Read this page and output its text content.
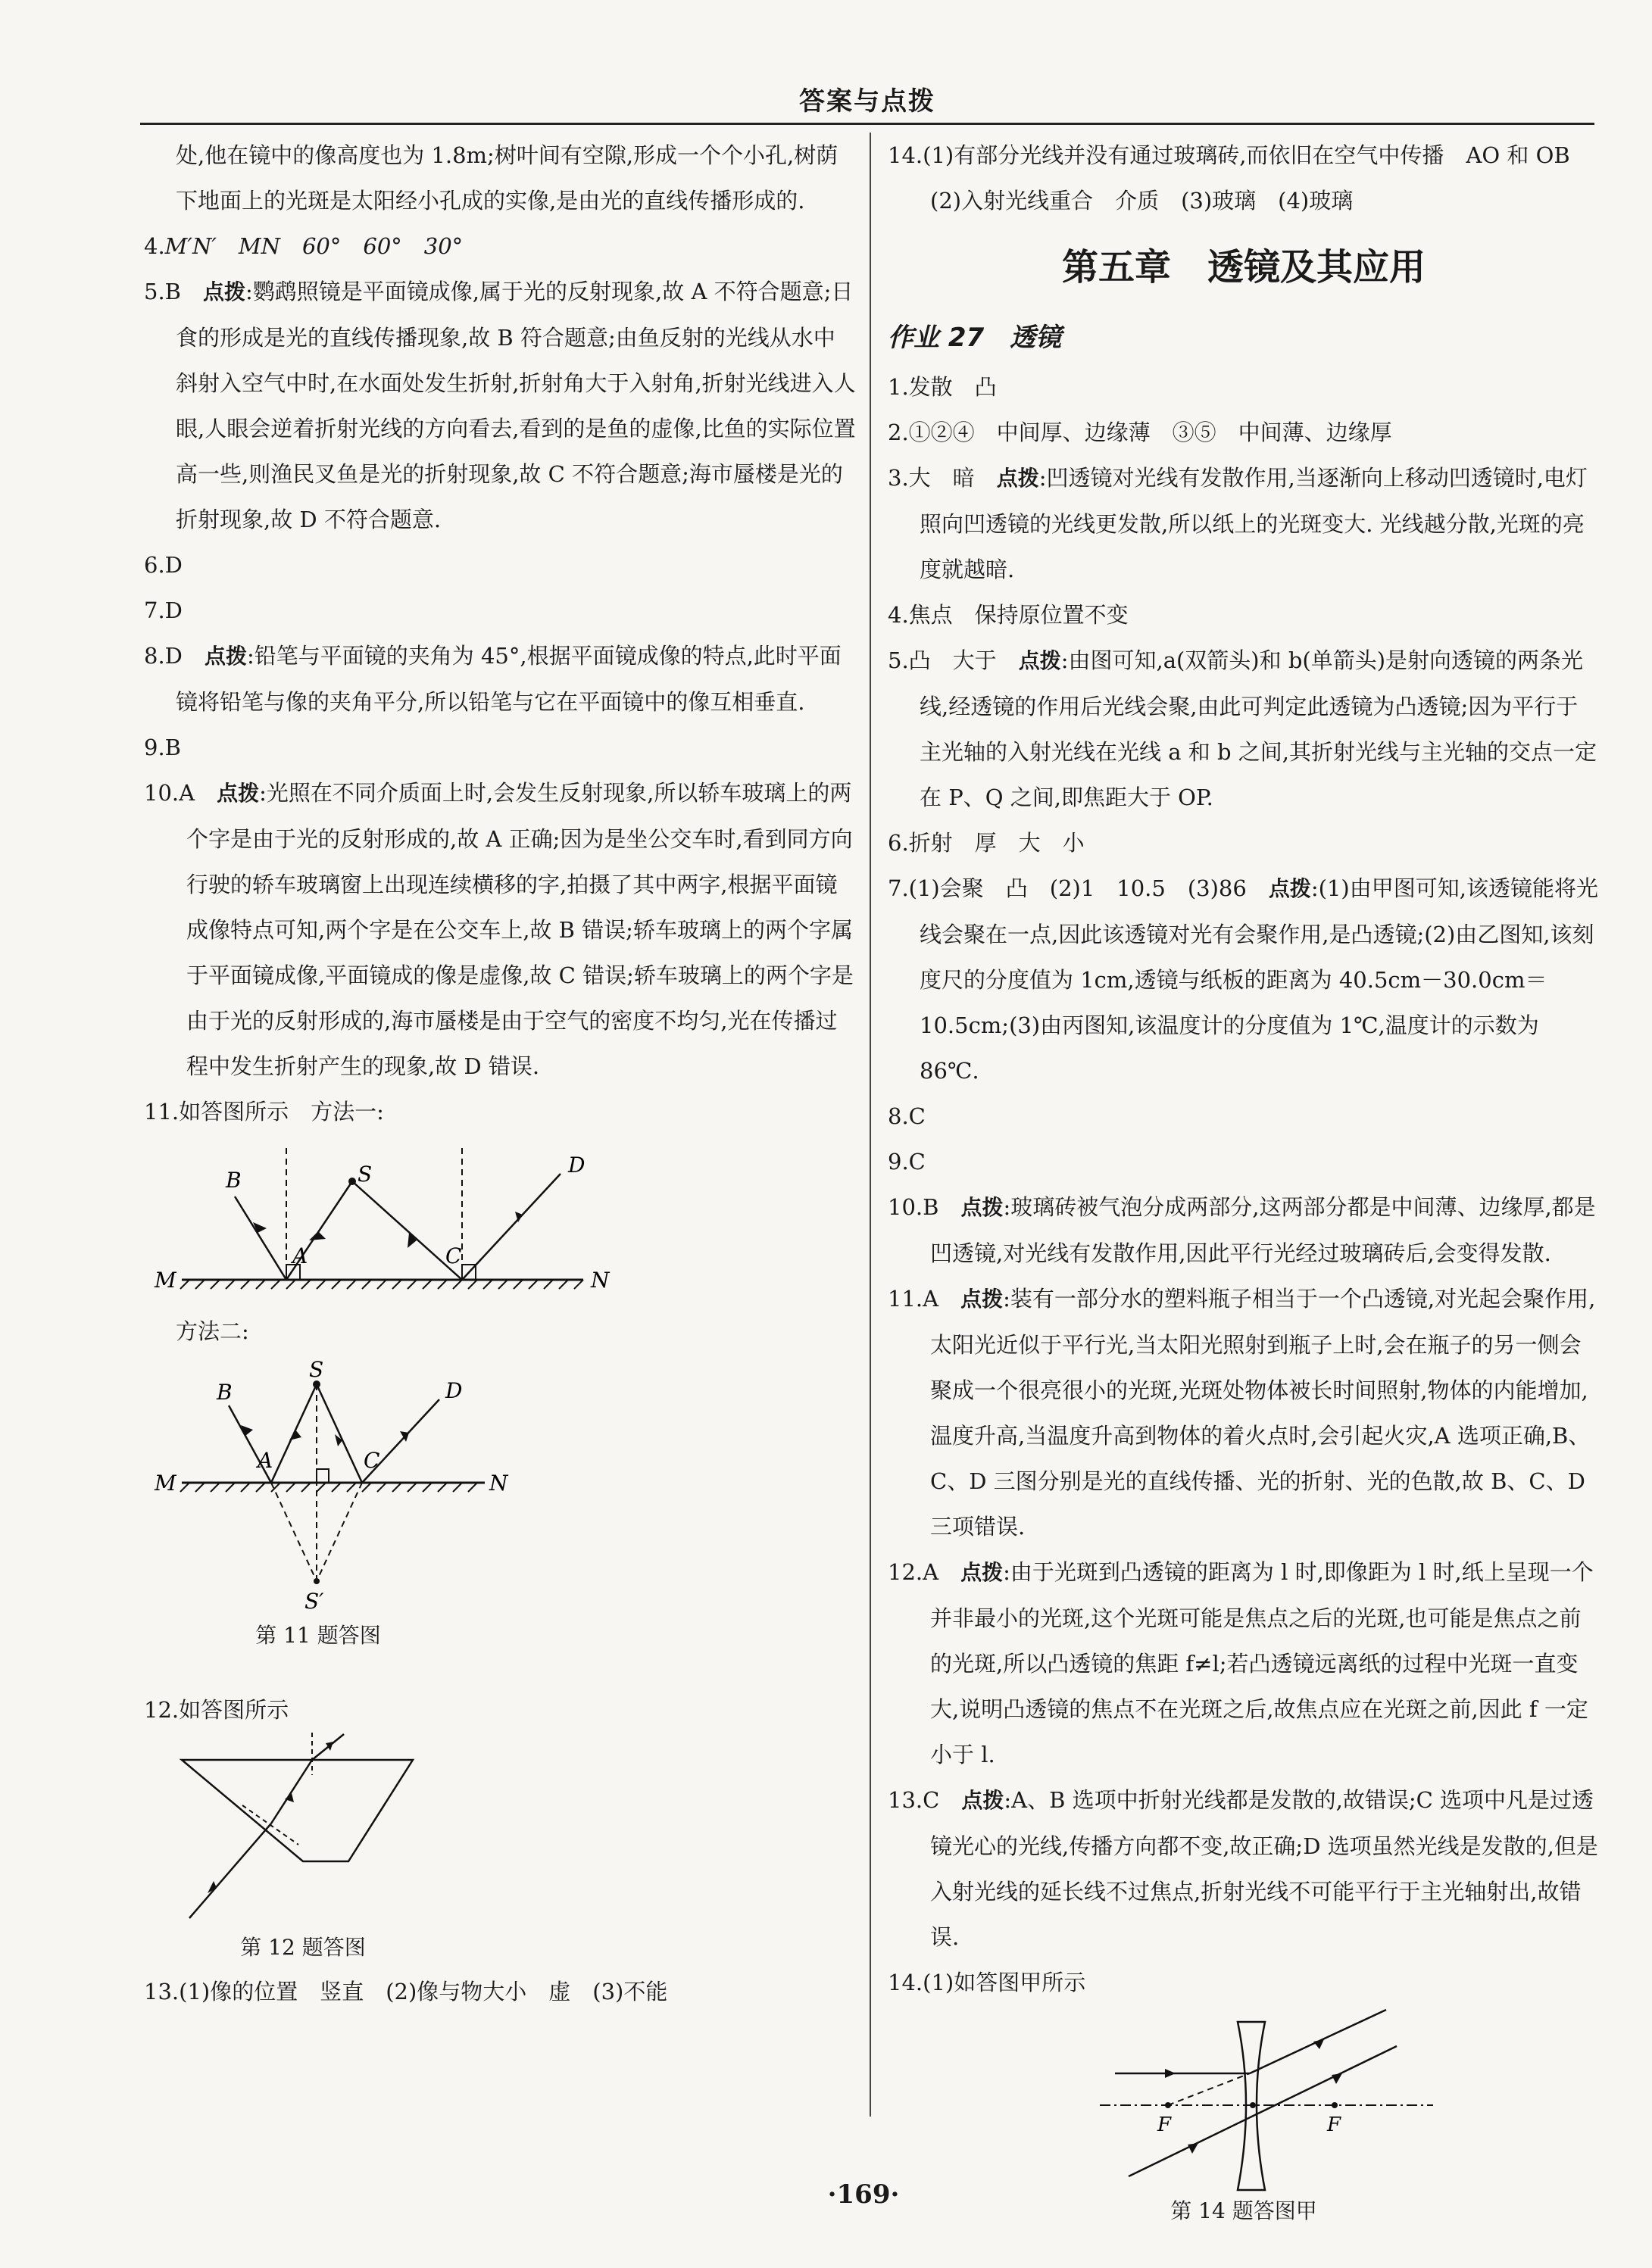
答案与点拨

处,他在镜中的像高度也为 1.8m;树叶间有空隙,形成一个个小孔,树荫下地面上的光斑是太阳经小孔成的实像,是由光的直线传播形成的.

4.M′N′　MN　60°　60°　30°

5.B　 点拨:鹦鹉照镜是平面镜成像,属于光的反射现象,故 A 不符合题意;日食的形成是光的直线传播现象,故 B 符合题意;由鱼反射的光线从水中斜射入空气中时,在水面处发生折射,折射角大于入射角,折射光线进入人眼,人眼会逆着折射光线的方向看去,看到的是鱼的虚像,比鱼的实际位置高一些,则渔民叉鱼是光的折射现象,故 C 不符合题意;海市蜃楼是光的折射现象,故 D 不符合题意.

6.D

7.D

8.D　 点拨:铅笔与平面镜的夹角为 45°,根据平面镜成像的特点,此时平面镜将铅笔与像的夹角平分,所以铅笔与它在平面镜中的像互相垂直.

9.B

10.A　 点拨:光照在不同介质面上时,会发生反射现象,所以轿车玻璃上的两个字是由于光的反射形成的,故 A 正确;因为是坐公交车时,看到同方向行驶的轿车玻璃窗上出现连续横移的字,拍摄了其中两字,根据平面镜成像特点可知,两个字是在公交车上,故 B 错误;轿车玻璃上的两个字属于平面镜成像,平面镜成的像是虚像,故 C 错误;轿车玻璃上的两个字是由于光的反射形成的,海市蜃楼是由于空气的密度不均匀,光在传播过程中发生折射产生的现象,故 D 错误.

11.如答图所示　方法一:

B	S	D
A	C
M	N

方法二:

B
S
D
A	C
M	N
S′
第 11 题答图

12.如答图所示

第 12 题答图

13.(1)像的位置　竖直　(2)像与物大小　虚　(3)不能

14.(1)有部分光线并没有通过玻璃砖,而依旧在空气中传播　AO 和 OB　(2)入射光线重合　介质　(3)玻璃　(4)玻璃

第五章　透镜及其应用
作业 27　透镜

1.发散　凸

2.①②④　中间厚、边缘薄　③⑤　中间薄、边缘厚

3.大　暗　 点拨:凹透镜对光线有发散作用,当逐渐向上移动凹透镜时,电灯照向凹透镜的光线更发散,所以纸上的光斑变大. 光线越分散,光斑的亮度就越暗.

4.焦点　保持原位置不变

5.凸　大于　 点拨:由图可知,a(双箭头)和 b(单箭头)是射向透镜的两条光线,经透镜的作用后光线会聚,由此可判定此透镜为凸透镜;因为平行于主光轴的入射光线在光线 a 和 b 之间,其折射光线与主光轴的交点一定在 P、Q 之间,即焦距大于 OP.

6.折射　厚　大　小

7.(1)会聚　凸　(2)1　10.5　(3)86　 点拨:(1)由甲图可知,该透镜能将光线会聚在一点,因此该透镜对光有会聚作用,是凸透镜;(2)由乙图知,该刻度尺的分度值为 1cm,透镜与纸板的距离为 40.5cm－30.0cm＝10.5cm;(3)由丙图知,该温度计的分度值为 1℃,温度计的示数为 86℃.

8.C

9.C

10.B　 点拨:玻璃砖被气泡分成两部分,这两部分都是中间薄、边缘厚,都是凹透镜,对光线有发散作用,因此平行光经过玻璃砖后,会变得发散.

11.A　 点拨:装有一部分水的塑料瓶子相当于一个凸透镜,对光起会聚作用,太阳光近似于平行光,当太阳光照射到瓶子上时,会在瓶子的另一侧会聚成一个很亮很小的光斑,光斑处物体被长时间照射,物体的内能增加,温度升高,当温度升高到物体的着火点时,会引起火灾,A 选项正确,B、C、D 三图分别是光的直线传播、光的折射、光的色散,故 B、C、D 三项错误.

12.A　 点拨:由于光斑到凸透镜的距离为 l 时,即像距为 l 时,纸上呈现一个并非最小的光斑,这个光斑可能是焦点之后的光斑,也可能是焦点之前的光斑,所以凸透镜的焦距 f≠l;若凸透镜远离纸的过程中光斑一直变大,说明凸透镜的焦点不在光斑之后,故焦点应在光斑之前,因此 f 一定小于 l.

13.C　 点拨:A、B 选项中折射光线都是发散的,故错误;C 选项中凡是过透镜光心的光线,传播方向都不变,故正确;D 选项虽然光线是发散的,但是入射光线的延长线不过焦点,折射光线不可能平行于主光轴射出,故错误.

14.(1)如答图甲所示

F	F
第 14 题答图甲
·169·
